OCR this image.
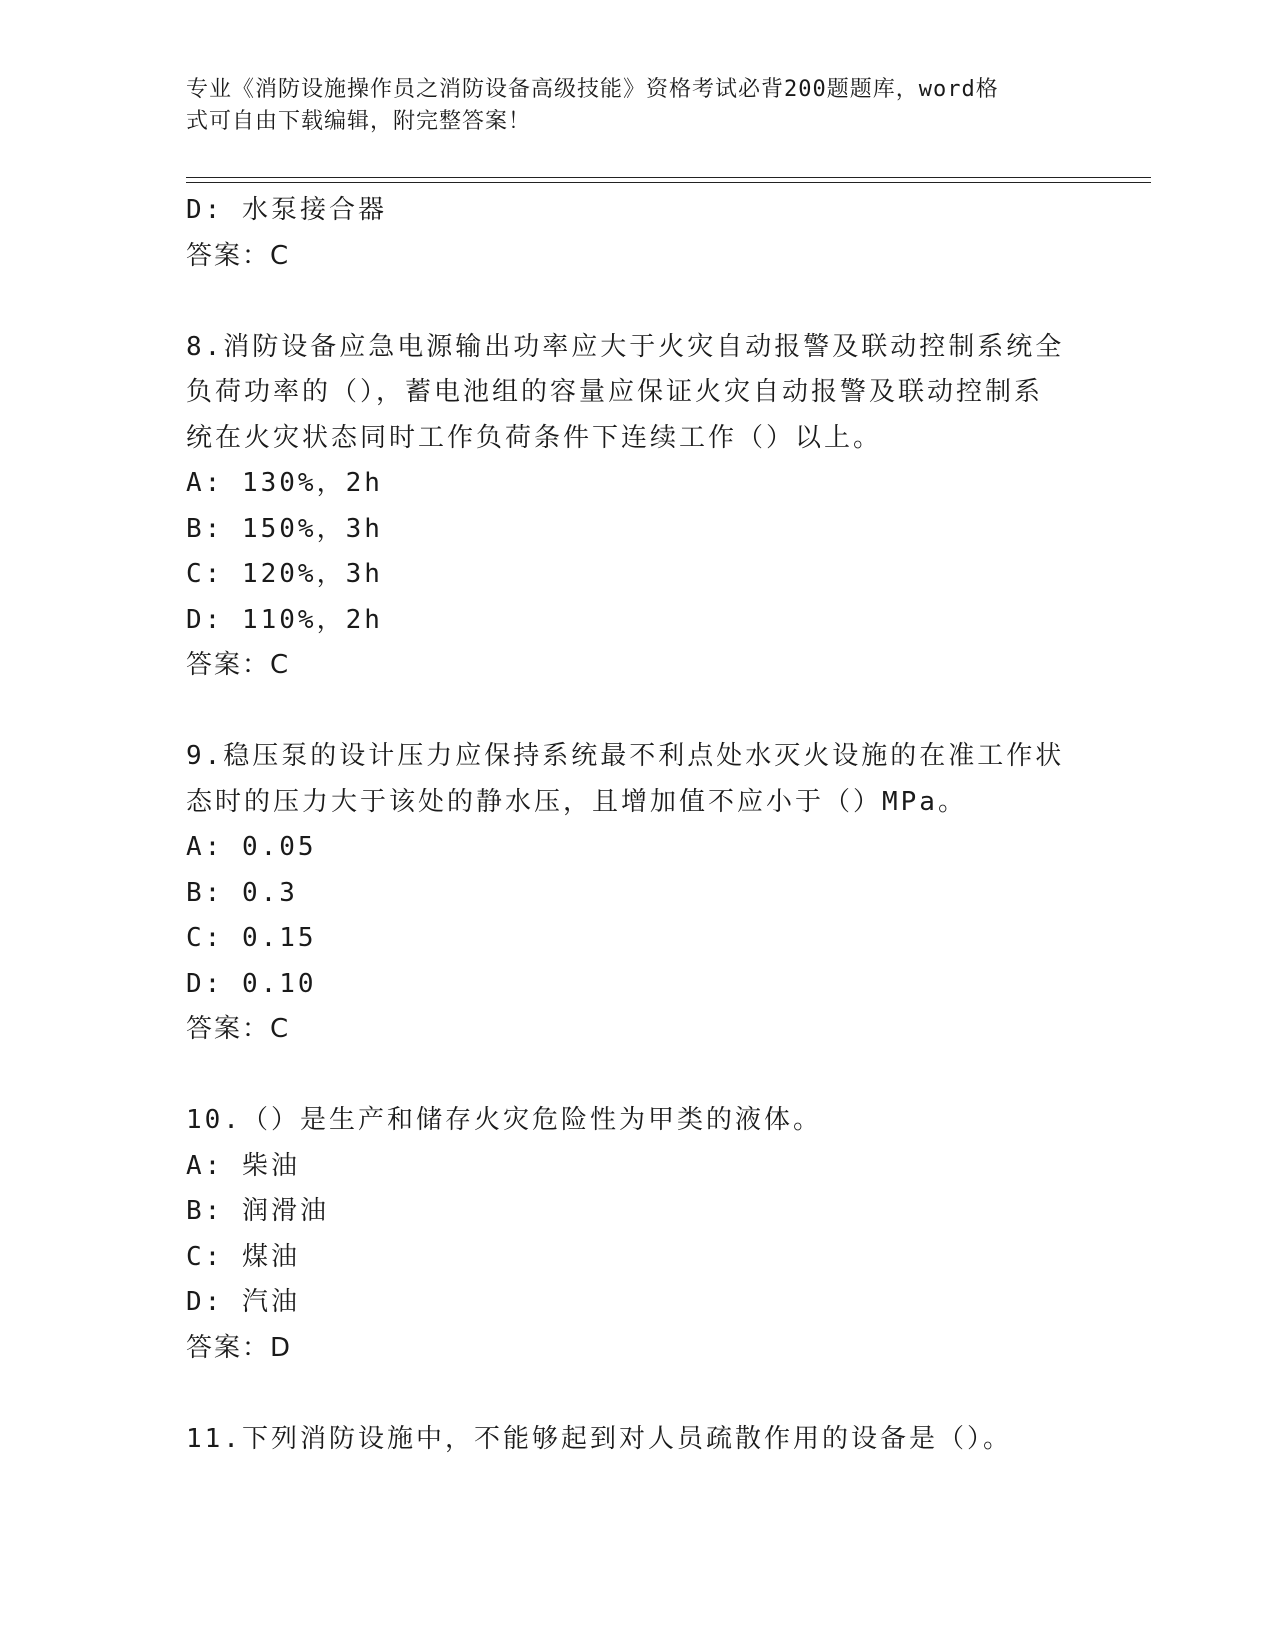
专业《消防设施操作员之消防设备高级技能》资格考试必背200题题库，word格
式可自由下载编辑，附完整答案！
D: 水泵接合器
答案：C
8.消防设备应急电源输出功率应大于火灾自动报警及联动控制系统全
负荷功率的（），蓄电池组的容量应保证火灾自动报警及联动控制系
统在火灾状态同时工作负荷条件下连续工作（）以上。
A: 130%，2h
B: 150%，3h
C: 120%，3h
D: 110%，2h
答案：C
9.稳压泵的设计压力应保持系统最不利点处水灭火设施的在准工作状
态时的压力大于该处的静水压，且增加值不应小于（）MPa。
A: 0.05
B: 0.3
C: 0.15
D: 0.10
答案：C
10.（）是生产和储存火灾危险性为甲类的液体。
A: 柴油
B: 润滑油
C: 煤油
D: 汽油
答案：D
11.下列消防设施中，不能够起到对人员疏散作用的设备是（）。
